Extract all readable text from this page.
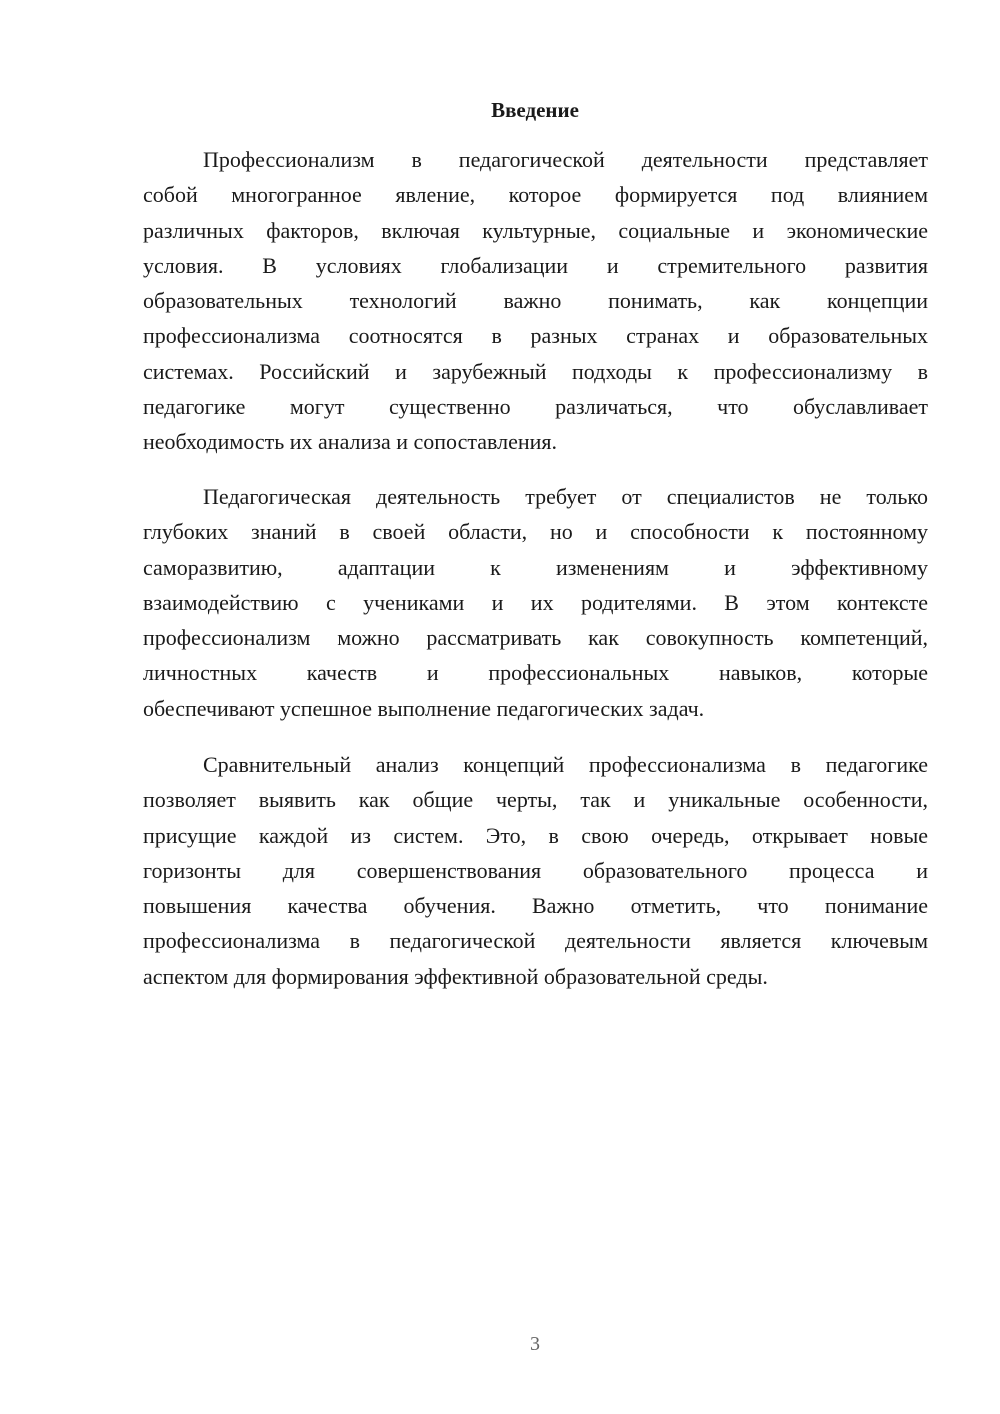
Введение
Профессионализм в педагогической деятельности представляет
собой многогранное явление, которое формируется под влиянием
различных факторов, включая культурные, социальные и экономические
условия. В условиях глобализации и стремительного развития
образовательных технологий важно понимать, как концепции
профессионализма соотносятся в разных странах и образовательных
системах. Российский и зарубежный подходы к профессионализму в
педагогике могут существенно различаться, что обуславливает
необходимость их анализа и сопоставления.
Педагогическая деятельность требует от специалистов не только
глубоких знаний в своей области, но и способности к постоянному
саморазвитию, адаптации к изменениям и эффективному
взаимодействию с учениками и их родителями. В этом контексте
профессионализм можно рассматривать как совокупность компетенций,
личностных качеств и профессиональных навыков, которые
обеспечивают успешное выполнение педагогических задач.
Сравнительный анализ концепций профессионализма в педагогике
позволяет выявить как общие черты, так и уникальные особенности,
присущие каждой из систем. Это, в свою очередь, открывает новые
горизонты для совершенствования образовательного процесса и
повышения качества обучения. Важно отметить, что понимание
профессионализма в педагогической деятельности является ключевым
аспектом для формирования эффективной образовательной среды.
3
